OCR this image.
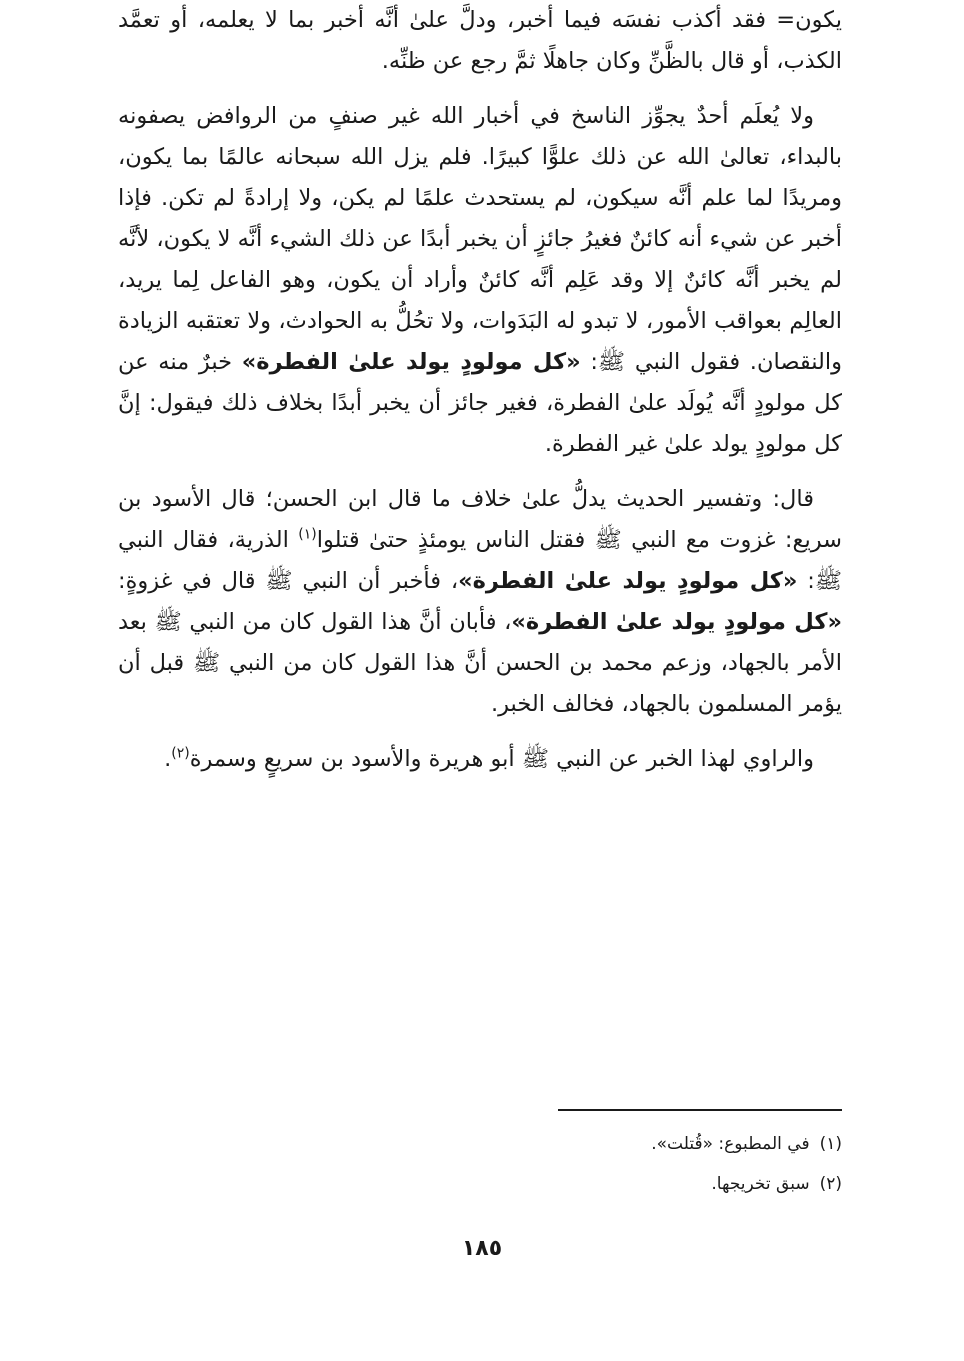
يكون= فقد أكذب نفسَه فيما أخبر، ودلَّ علىٰ أنَّه أخبر بما لا يعلمه، أو تعمَّد الكذب، أو قال بالظَّنِّ وكان جاهلًا ثمَّ رجع عن ظنِّه.

ولا يُعلَم أحدٌ يجوِّز الناسخ في أخبار الله غير صنفٍ من الروافض يصفونه بالبداء، تعالىٰ الله عن ذلك علوًّا كبيرًا. فلم يزل الله سبحانه عالمًا بما يكون، ومريدًا لما علم أنَّه سيكون، لم يستحدث علمًا لم يكن، ولا إرادةً لم تكن. فإذا أخبر عن شيء أنه كائنٌ فغيرُ جائزٍ أن يخبر أبدًا عن ذلك الشيء أنَّه لا يكون، لأنَّه لم يخبر أنَّه كائنٌ إلا وقد عَلِم أنَّه كائنٌ وأراد أن يكون، وهو الفاعل لِما يريد، العالِم بعواقب الأمور، لا تبدو له البَدَوات، ولا تحُلُّ به الحوادث، ولا تعتقبه الزيادة والنقصان. فقول النبي ﷺ: «كل مولودٍ يولد علىٰ الفطرة» خبرٌ منه عن كل مولودٍ أنَّه يُولَد علىٰ الفطرة، فغير جائز أن يخبر أبدًا بخلاف ذلك فيقول: إنَّ كل مولودٍ يولد علىٰ غير الفطرة.

قال: وتفسير الحديث يدلُّ علىٰ خلاف ما قال ابن الحسن؛ قال الأسود بن سريع: غزوت مع النبي ﷺ فقتل الناس يومئذٍ حتىٰ قتلوا$^{(١)}$ الذرية، فقال النبي ﷺ: «كل مولودٍ يولد علىٰ الفطرة»، فأخبر أن النبي ﷺ قال في غزوةٍ: «كل مولودٍ يولد علىٰ الفطرة»، فأبان أنَّ هذا القول كان من النبي ﷺ بعد الأمر بالجهاد، وزعم محمد بن الحسن أنَّ هذا القول كان من النبي ﷺ قبل أن يؤمر المسلمون بالجهاد، فخالف الخبر.

والراوي لهذا الخبر عن النبي ﷺ أبو هريرة والأسود بن سريعٍ وسمرة$^{(٢)}$.

(١)في المطبوع: «قُتلت».

(٢)سبق تخريجها.

١٨٥
